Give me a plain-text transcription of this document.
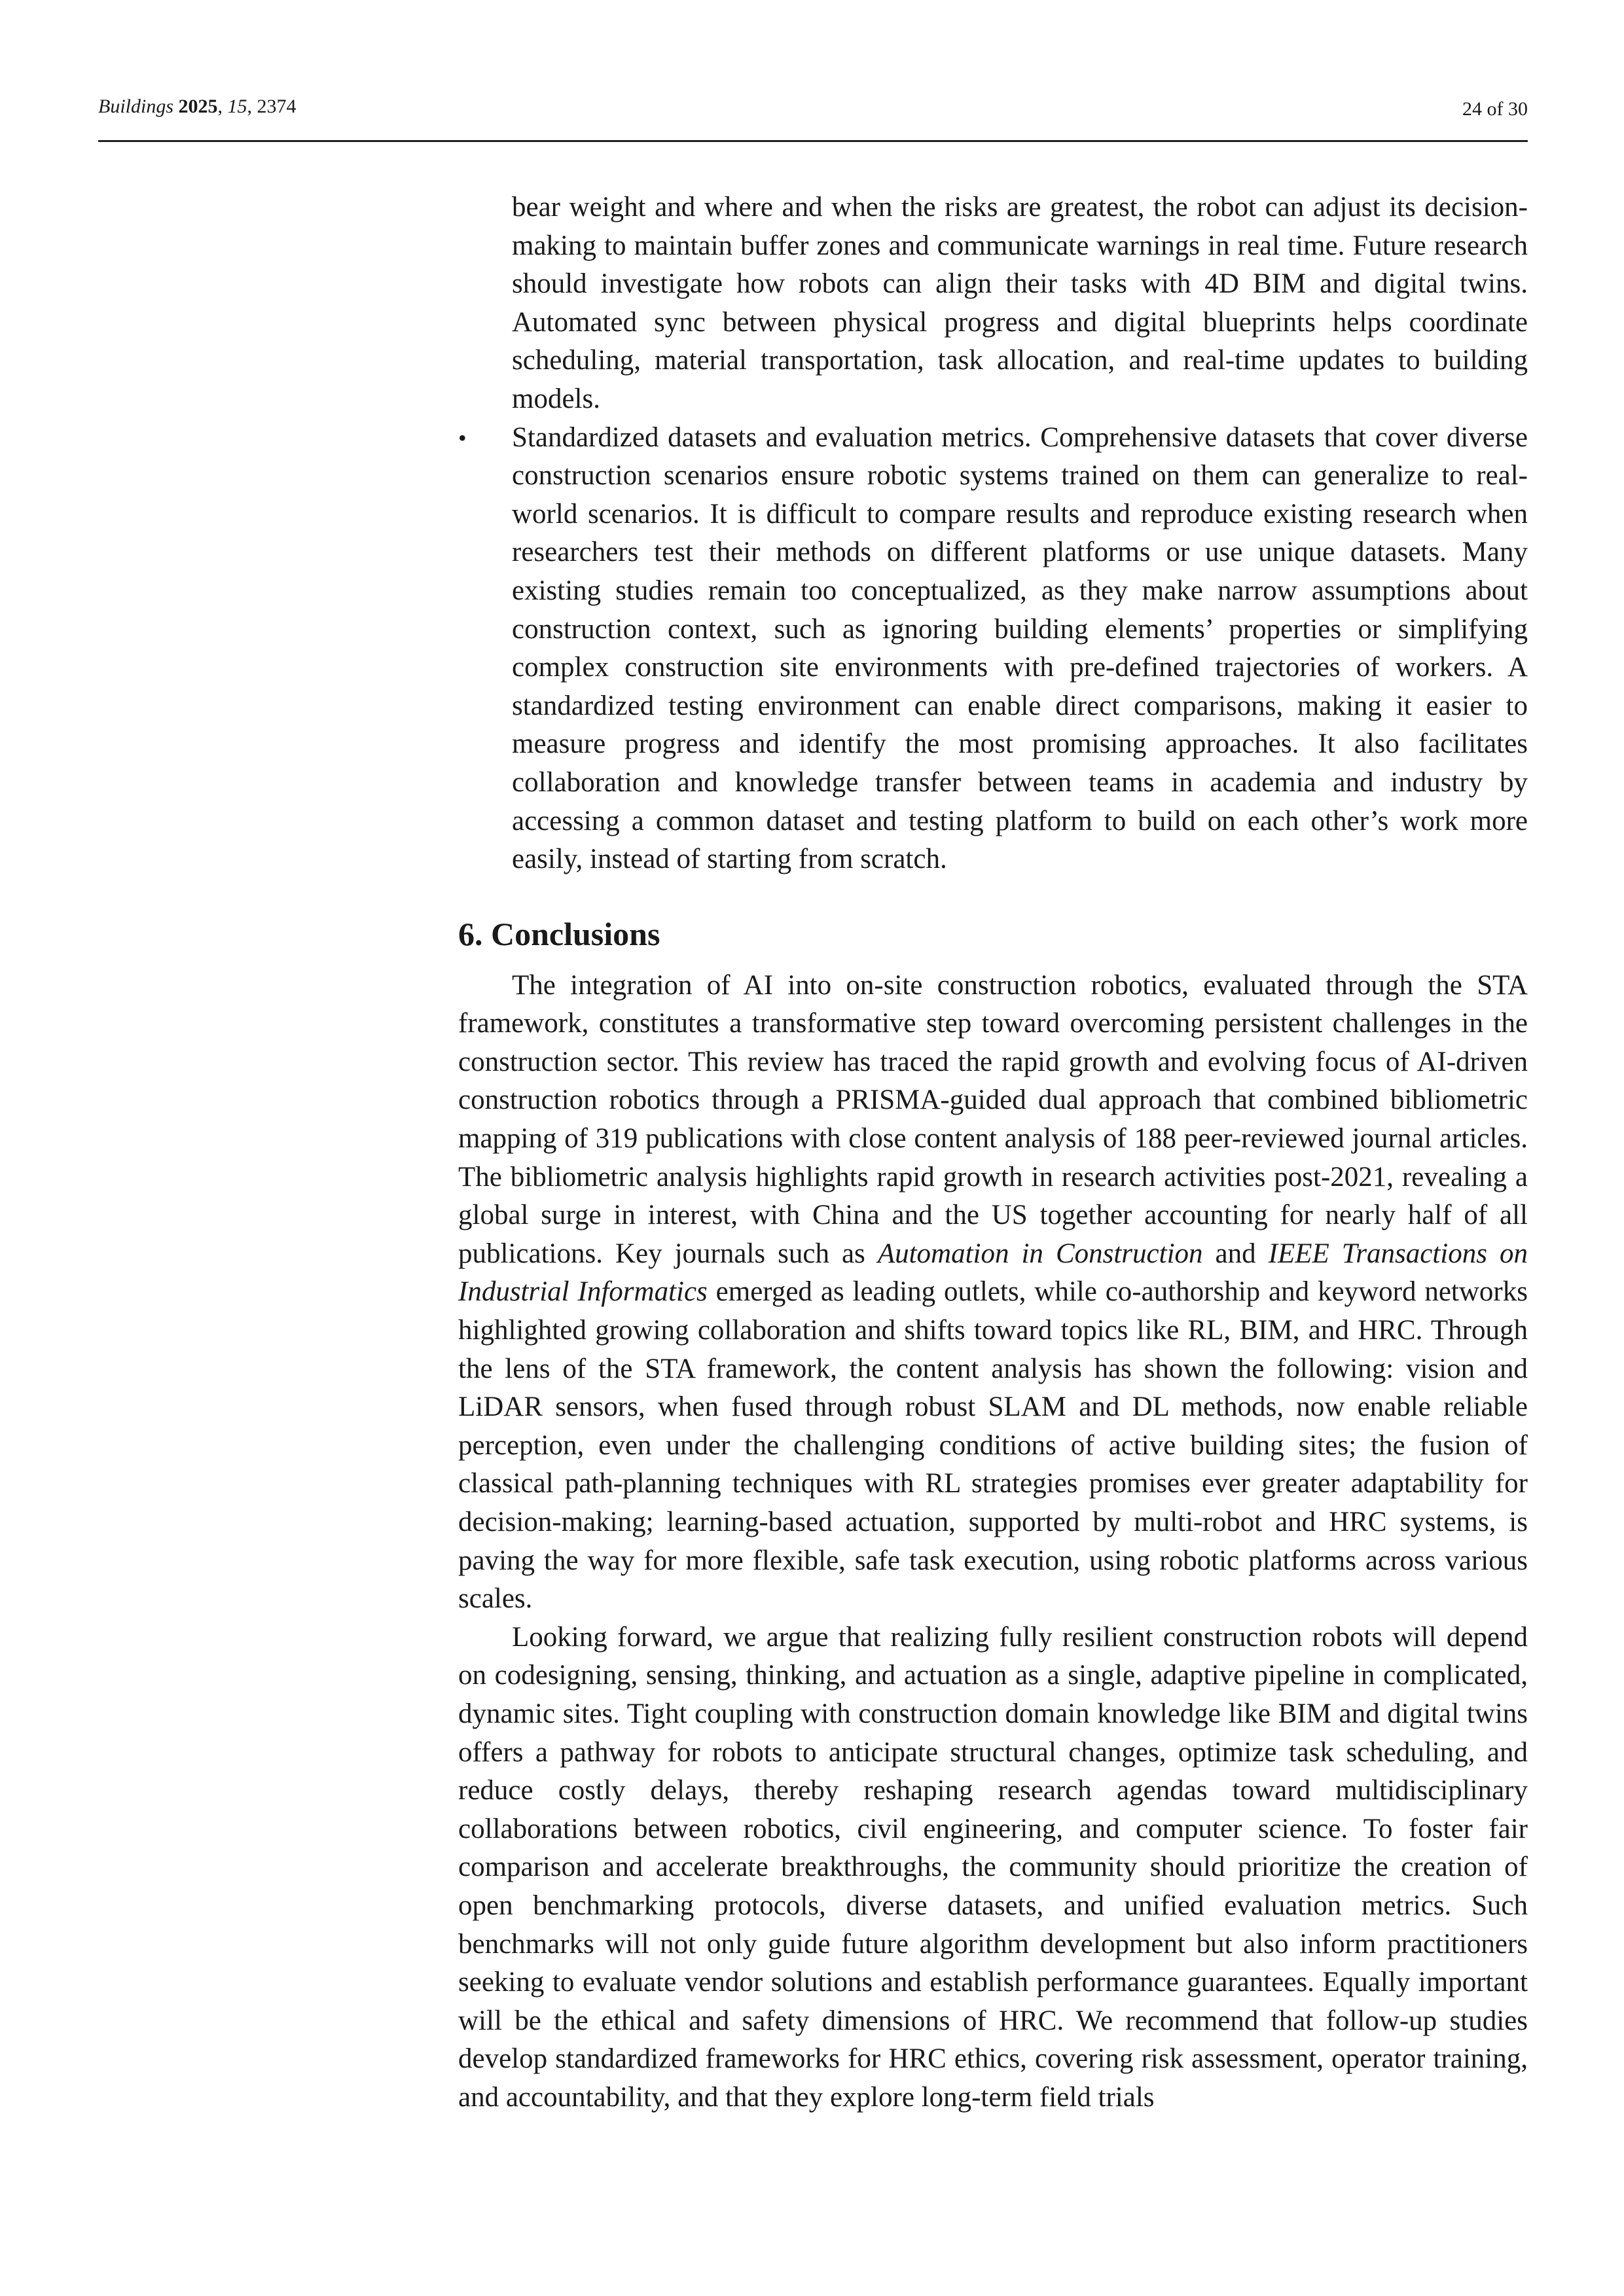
Buildings 2025, 15, 2374	24 of 30

bear weight and where and when the risks are greatest, the robot can adjust its decision-making to maintain buffer zones and communicate warnings in real time. Future research should investigate how robots can align their tasks with 4D BIM and digital twins. Automated sync between physical progress and digital blueprints helps coordinate scheduling, material transportation, task allocation, and real-time updates to building models.

•	Standardized datasets and evaluation metrics. Comprehensive datasets that cover diverse construction scenarios ensure robotic systems trained on them can generalize to real-world scenarios. It is difficult to compare results and reproduce existing research when researchers test their methods on different platforms or use unique datasets. Many existing studies remain too conceptualized, as they make narrow assumptions about construction context, such as ignoring building elements’ properties or simplifying complex construction site environments with pre-defined trajectories of workers. A standardized testing environment can enable direct comparisons, making it easier to measure progress and identify the most promising approaches. It also facilitates collaboration and knowledge transfer between teams in academia and industry by accessing a common dataset and testing platform to build on each other’s work more easily, instead of starting from scratch.

6. Conclusions

The integration of AI into on-site construction robotics, evaluated through the STA framework, constitutes a transformative step toward overcoming persistent challenges in the construction sector. This review has traced the rapid growth and evolving focus of AI-driven construction robotics through a PRISMA-guided dual approach that combined bibliometric mapping of 319 publications with close content analysis of 188 peer-reviewed journal articles. The bibliometric analysis highlights rapid growth in research activities post-2021, revealing a global surge in interest, with China and the US together accounting for nearly half of all publications. Key journals such as Automation in Construction and IEEE Transactions on Industrial Informatics emerged as leading outlets, while co-authorship and keyword networks highlighted growing collaboration and shifts toward topics like RL, BIM, and HRC. Through the lens of the STA framework, the content analysis has shown the following: vision and LiDAR sensors, when fused through robust SLAM and DL methods, now enable reliable perception, even under the challenging conditions of active building sites; the fusion of classical path-planning techniques with RL strategies promises ever greater adaptability for decision-making; learning-based actuation, supported by multi-robot and HRC systems, is paving the way for more flexible, safe task execution, using robotic platforms across various scales.

Looking forward, we argue that realizing fully resilient construction robots will depend on codesigning, sensing, thinking, and actuation as a single, adaptive pipeline in complicated, dynamic sites. Tight coupling with construction domain knowledge like BIM and digital twins offers a pathway for robots to anticipate structural changes, optimize task scheduling, and reduce costly delays, thereby reshaping research agendas toward multidisciplinary collaborations between robotics, civil engineering, and computer science. To foster fair comparison and accelerate breakthroughs, the community should prioritize the creation of open benchmarking protocols, diverse datasets, and unified evaluation metrics. Such benchmarks will not only guide future algorithm development but also inform practitioners seeking to evaluate vendor solutions and establish performance guarantees. Equally important will be the ethical and safety dimensions of HRC. We recommend that follow-up studies develop standardized frameworks for HRC ethics, covering risk assessment, operator training, and accountability, and that they explore long-term field trials
